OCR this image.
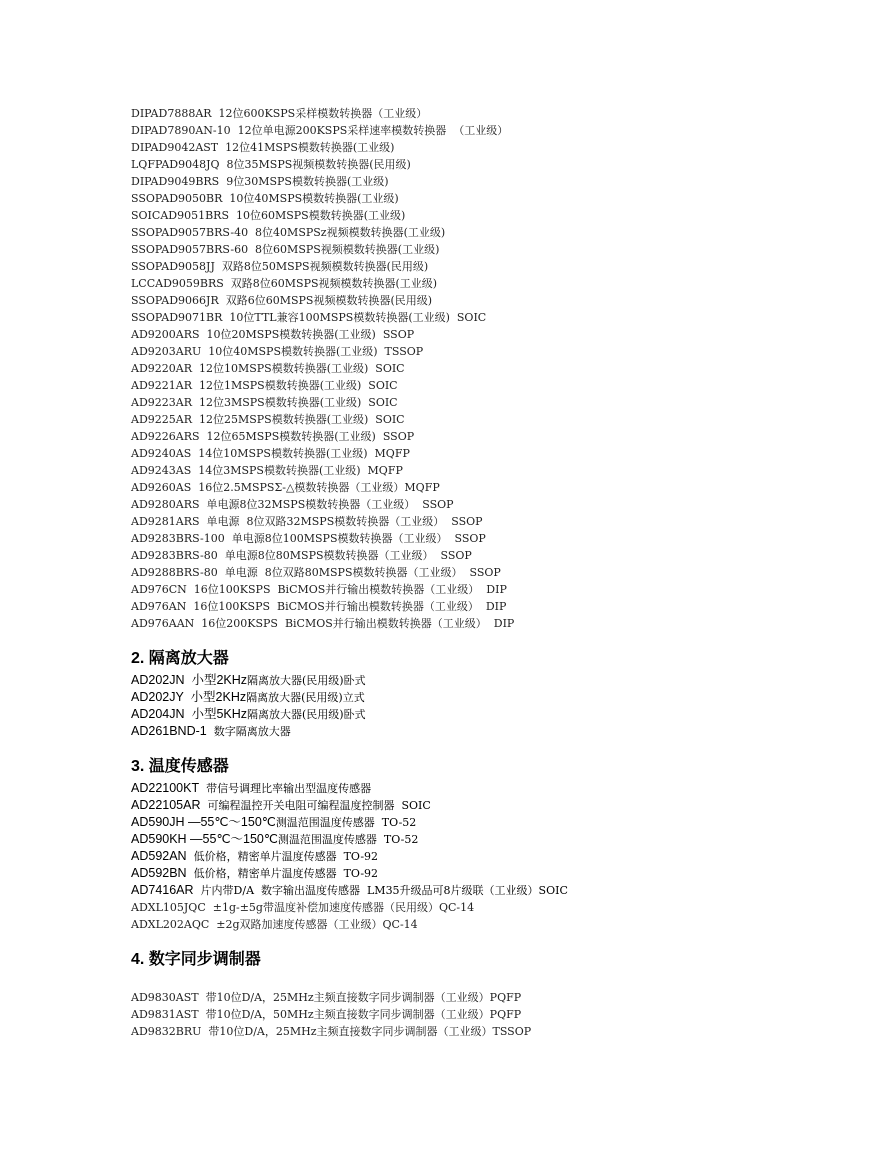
DIPAD7888AR  12位600KSPS采样模数转换器（工业级）
DIPAD7890AN-10  12位单电源200KSPS采样速率模数转换器  （工业级）
DIPAD9042AST  12位41MSPS模数转换器(工业级)
LQFPAD9048JQ  8位35MSPS视频模数转换器(民用级)
DIPAD9049BRS  9位30MSPS模数转换器(工业级)
SSOPAD9050BR  10位40MSPS模数转换器(工业级)
SOICAD9051BRS  10位60MSPS模数转换器(工业级)
SSOPAD9057BRS-40  8位40MSPSz视频模数转换器(工业级)
SSOPAD9057BRS-60  8位60MSPS视频模数转换器(工业级)
SSOPAD9058JJ  双路8位50MSPS视频模数转换器(民用级)
LCCAD9059BRS  双路8位60MSPS视频模数转换器(工业级)
SSOPAD9066JR  双路6位60MSPS视频模数转换器(民用级)
SSOPAD9071BR  10位TTL兼容100MSPS模数转换器(工业级)  SOIC
AD9200ARS  10位20MSPS模数转换器(工业级)  SSOP
AD9203ARU  10位40MSPS模数转换器(工业级)  TSSOP
AD9220AR  12位10MSPS模数转换器(工业级)  SOIC
AD9221AR  12位1MSPS模数转换器(工业级)  SOIC
AD9223AR  12位3MSPS模数转换器(工业级)  SOIC
AD9225AR  12位25MSPS模数转换器(工业级)  SOIC
AD9226ARS  12位65MSPS模数转换器(工业级)  SSOP
AD9240AS  14位10MSPS模数转换器(工业级)  MQFP
AD9243AS  14位3MSPS模数转换器(工业级)  MQFP
AD9260AS  16位2.5MSPSΣ-△模数转换器（工业级）MQFP
AD9280ARS  单电源8位32MSPS模数转换器（工业级）  SSOP
AD9281ARS  单电源  8位双路32MSPS模数转换器（工业级）  SSOP
AD9283BRS-100  单电源8位100MSPS模数转换器（工业级）  SSOP
AD9283BRS-80  单电源8位80MSPS模数转换器（工业级）  SSOP
AD9288BRS-80  单电源  8位双路80MSPS模数转换器（工业级）  SSOP
AD976CN  16位100KSPS  BiCMOS并行输出模数转换器（工业级）  DIP
AD976AN  16位100KSPS  BiCMOS并行输出模数转换器（工业级）  DIP
AD976AAN  16位200KSPS  BiCMOS并行输出模数转换器（工业级）  DIP
2. 隔离放大器
AD202JN  小型2KHz隔离放大器(民用级)卧式
AD202JY  小型2KHz隔离放大器(民用级)立式
AD204JN  小型5KHz隔离放大器(民用级)卧式
AD261BND-1  数字隔离放大器
3. 温度传感器
AD22100KT  带信号调理比率输出型温度传感器
AD22105AR  可编程温控开关电阻可编程温度控制器  SOIC
AD590JH —55℃～150℃测温范围温度传感器  TO-52
AD590KH —55℃～150℃测温范围温度传感器  TO-52
AD592AN  低价格，精密单片温度传感器  TO-92
AD592BN  低价格，精密单片温度传感器  TO-92
AD7416AR  片内带D/A  数字输出温度传感器  LM35升级品可8片级联（工业级）SOIC
ADXL105JQC  ±1g-±5g带温度补偿加速度传感器（民用级）QC-14
ADXL202AQC  ±2g双路加速度传感器（工业级）QC-14
4. 数字同步调制器
AD9830AST  带10位D/A，25MHz主频直接数字同步调制器（工业级）PQFP
AD9831AST  带10位D/A，50MHz主频直接数字同步调制器（工业级）PQFP
AD9832BRU  带10位D/A，25MHz主频直接数字同步调制器（工业级）TSSOP
